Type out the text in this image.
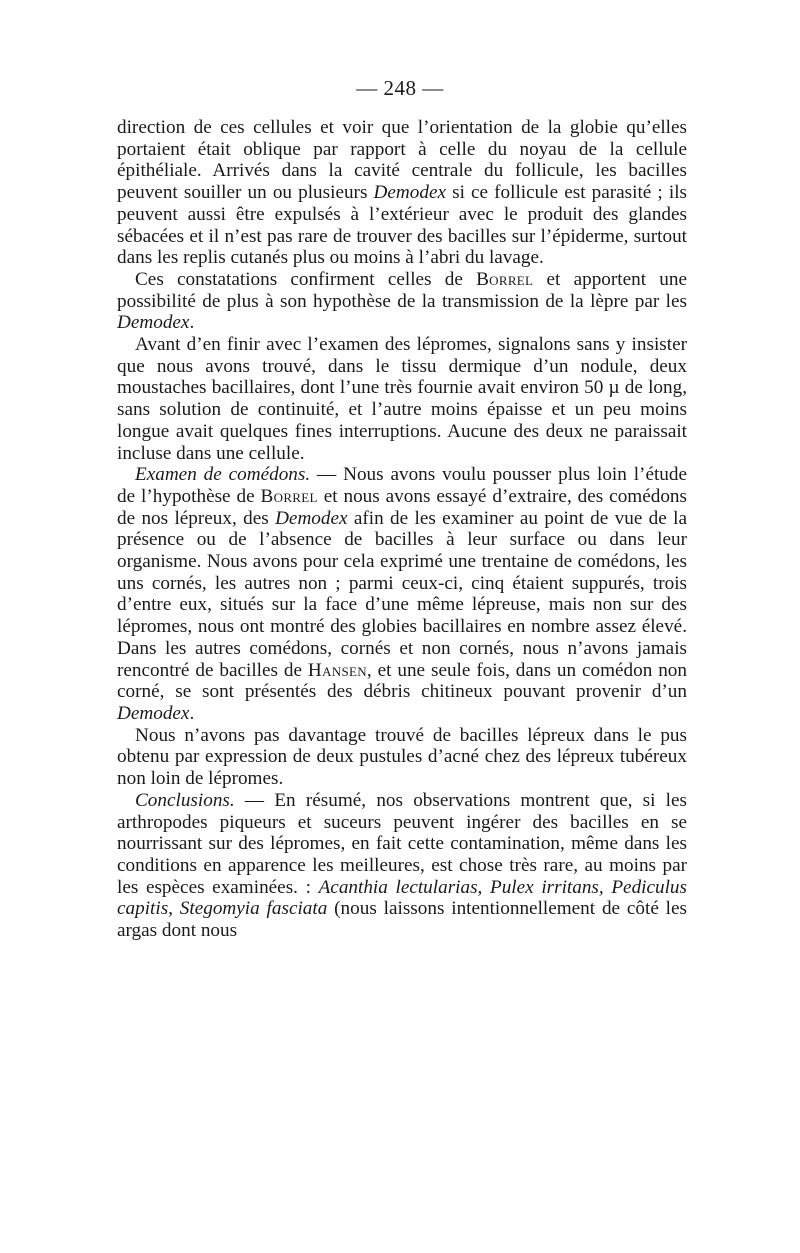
— 248 —

direction de ces cellules et voir que l’orientation de la globie qu’elles portaient était oblique par rapport à celle du noyau de la cellule épithéliale. Arrivés dans la cavité centrale du follicule, les bacilles peuvent souiller un ou plusieurs Demodex si ce follicule est parasité ; ils peuvent aussi être expulsés à l’extérieur avec le produit des glandes sébacées et il n’est pas rare de trouver des bacilles sur l’épiderme, surtout dans les replis cutanés plus ou moins à l’abri du lavage.

Ces constatations confirment celles de Borrel et apportent une possibilité de plus à son hypothèse de la transmission de la lèpre par les Demodex.

Avant d’en finir avec l’examen des lépromes, signalons sans y insister que nous avons trouvé, dans le tissu dermique d’un nodule, deux moustaches bacillaires, dont l’une très fournie avait environ 50 µ de long, sans solution de continuité, et l’autre moins épaisse et un peu moins longue avait quelques fines interruptions. Aucune des deux ne paraissait incluse dans une cellule.

Examen de comédons. — Nous avons voulu pousser plus loin l’étude de l’hypothèse de Borrel et nous avons essayé d’extraire, des comédons de nos lépreux, des Demodex afin de les examiner au point de vue de la présence ou de l’absence de bacilles à leur surface ou dans leur organisme. Nous avons pour cela exprimé une trentaine de comédons, les uns cornés, les autres non ; parmi ceux-ci, cinq étaient suppurés, trois d’entre eux, situés sur la face d’une même lépreuse, mais non sur des lépromes, nous ont montré des globies bacillaires en nombre assez élevé. Dans les autres comédons, cornés et non cornés, nous n’avons jamais rencontré de bacilles de Hansen, et une seule fois, dans un comédon non corné, se sont présentés des débris chitineux pouvant provenir d’un Demodex.

Nous n’avons pas davantage trouvé de bacilles lépreux dans le pus obtenu par expression de deux pustules d’acné chez des lépreux tubéreux non loin de lépromes.

Conclusions. — En résumé, nos observations montrent que, si les arthropodes piqueurs et suceurs peuvent ingérer des bacilles en se nourrissant sur des lépromes, en fait cette contamination, même dans les conditions en apparence les meilleures, est chose très rare, au moins par les espèces examinées. : Acanthia lectularias, Pulex irritans, Pediculus capitis, Stegomyia fasciata (nous laissons intentionnellement de côté les argas dont nous
